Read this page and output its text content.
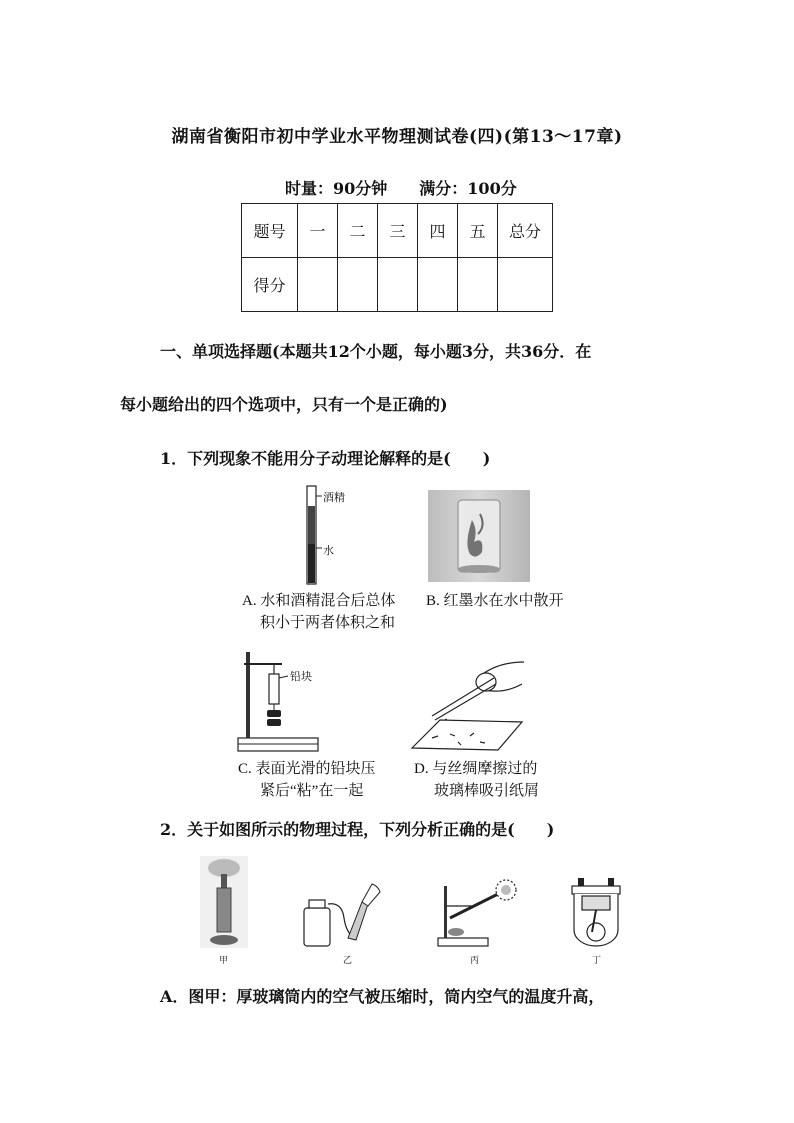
湖南省衡阳市初中学业水平物理测试卷(四)(第13～17章)
时量：90分钟　　 满分：100分
题号	一	二	三	四	五	总分
得分						
一、单项选择题(本题共12个小题，每小题3分，共36分．在
每小题给出的四个选项中，只有一个是正确的)
1．下列现象不能用分子动理论解释的是(　　)
酒精
水
A. 水和酒精混合后总体
积小于两者体积之和
B. 红墨水在水中散开
铅块
C. 表面光滑的铅块压
紧后“粘”在一起
D. 与丝绸摩擦过的
玻璃棒吸引纸屑
2．关于如图所示的物理过程，下列分析正确的是(　　)
甲	乙	丙	丁
A．图甲：厚玻璃筒内的空气被压缩时，筒内空气的温度升高，
